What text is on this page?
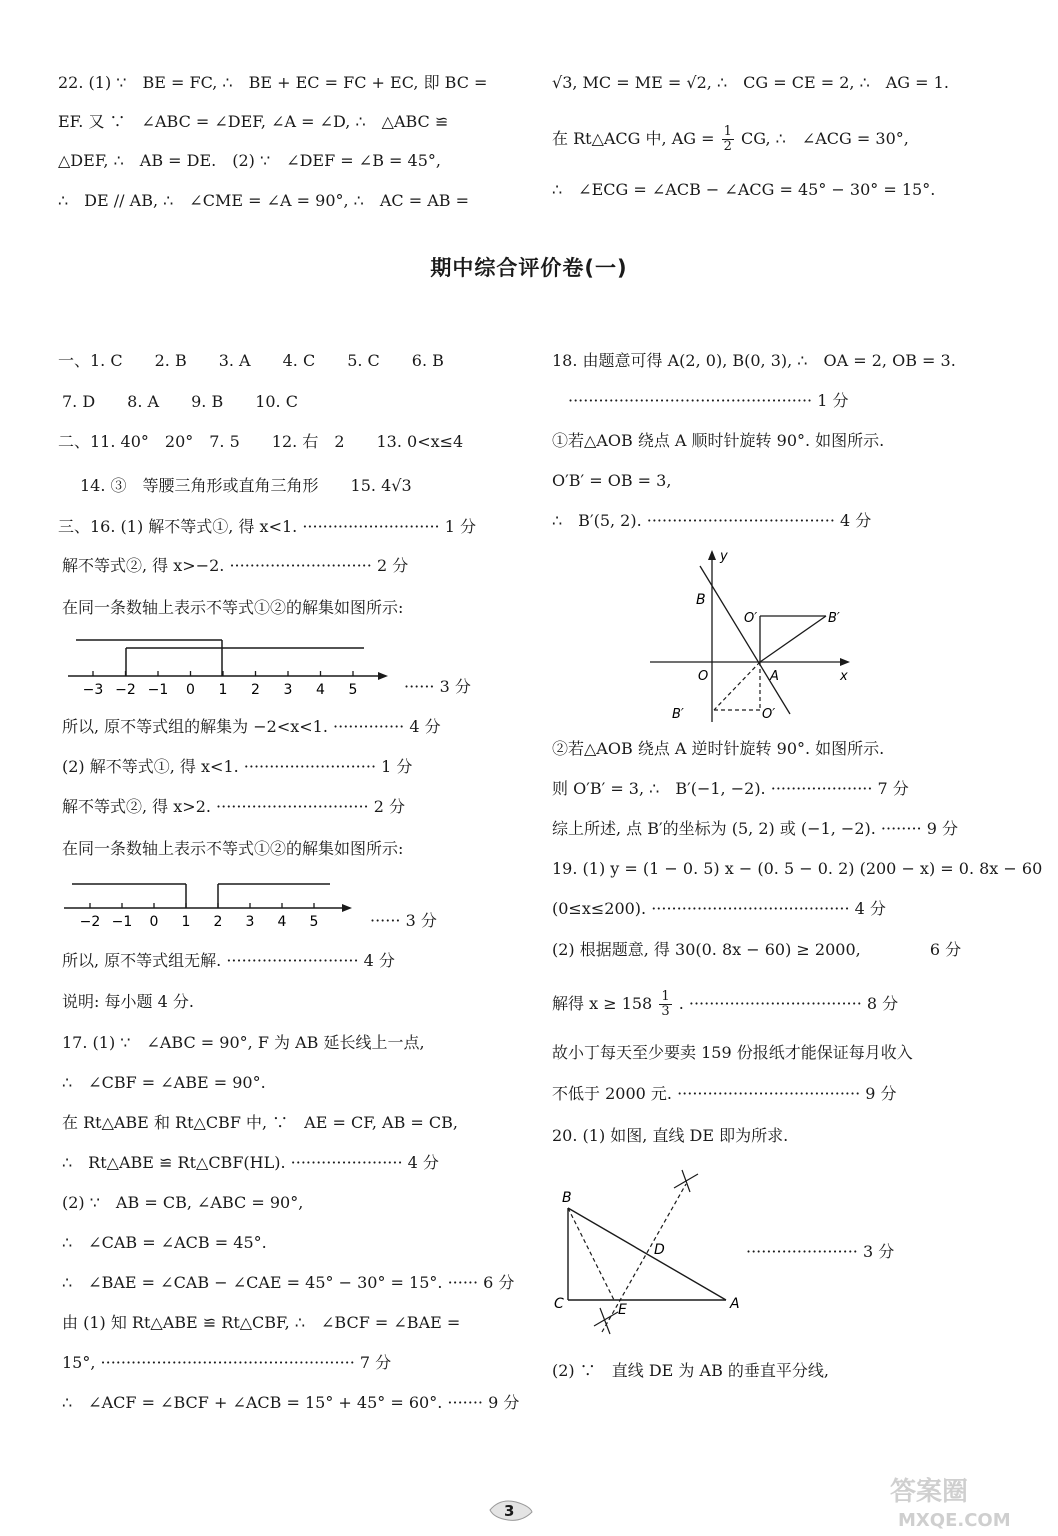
22. (1) ∵　BE = FC, ∴　BE + EC = FC + EC, 即 BC =
EF. 又 ∵　∠ABC = ∠DEF, ∠A = ∠D, ∴　△ABC ≌
△DEF, ∴　AB = DE.　(2) ∵　∠DEF = ∠B = 45°,
∴　DE // AB, ∴　∠CME = ∠A = 90°, ∴　AC = AB =
√3, MC = ME = √2, ∴　CG = CE = 2, ∴　AG = 1.
在 Rt△ACG 中, AG = $\frac{1}{2}$ CG, ∴　∠ACG = 30°,
∴　∠ECG = ∠ACB − ∠ACG = 45° − 30° = 15°.
期中综合评价卷(一)
一、1. C　　2. B　　3. A　　4. C　　5. C　　6. B
7. D　　8. A　　9. B　　10. C
二、11. 40°　20°　7. 5　　12. 右　2　　13. 0<x≤4
14. ③　等腰三角形或直角三角形　　15. 4√3
三、16. (1) 解不等式①, 得 x<1. ··························· 1 分
解不等式②, 得 x>−2. ···························· 2 分
在同一条数轴上表示不等式①②的解集如图所示:
−3 −2 −1 0 1 2 3 4 5	······ 3 分
所以, 原不等式组的解集为 −2<x<1. ·············· 4 分
(2) 解不等式①, 得 x<1. ·························· 1 分
解不等式②, 得 x>2. ······························ 2 分
在同一条数轴上表示不等式①②的解集如图所示:
−2 −1 0 1 2 3 4 5	······ 3 分
所以, 原不等式组无解. ·························· 4 分
说明: 每小题 4 分.
17. (1) ∵　∠ABC = 90°, F 为 AB 延长线上一点,
∴　∠CBF = ∠ABE = 90°.
在 Rt△ABE 和 Rt△CBF 中, ∵　AE = CF, AB = CB,
∴　Rt△ABE ≌ Rt△CBF(HL). ······················ 4 分
(2) ∵　AB = CB, ∠ABC = 90°,
∴　∠CAB = ∠ACB = 45°.
∴　∠BAE = ∠CAB − ∠CAE = 45° − 30° = 15°. ······ 6 分
由 (1) 知 Rt△ABE ≌ Rt△CBF, ∴　∠BCF = ∠BAE =
15°, ·················································· 7 分
∴　∠ACF = ∠BCF + ∠ACB = 15° + 45° = 60°. ······· 9 分
18. 由题意可得 A(2, 0), B(0, 3), ∴　OA = 2, OB = 3.
················································ 1 分
①若△AOB 绕点 A 顺时针旋转 90°. 如图所示.
O′B′ = OB = 3,
∴　B′(5, 2). ····································· 4 分
y
x
B
O′	B′
O	A
B′	O′
②若△AOB 绕点 A 逆时针旋转 90°. 如图所示.
则 O′B′ = 3, ∴　B′(−1, −2). ···················· 7 分
综上所述, 点 B′的坐标为 (5, 2) 或 (−1, −2). ········ 9 分
19. (1) y = (1 − 0. 5) x − (0. 5 − 0. 2) (200 − x) = 0. 8x − 60
(0≤x≤200). ······································· 4 分
(2) 根据题意, 得 30(0. 8x − 60) ≥ 2000,　　　　 6 分
解得 $x \ge 158 \frac{1}{3}$ . ·································· 8 分
故小丁每天至少要卖 159 份报纸才能保证每月收入
不低于 2000 元. ···································· 9 分
20. (1) 如图, 直线 DE 即为所求.
B
D
C	E	A
······················ 3 分
(2) ∵　直线 DE 为 AB 的垂直平分线,
3
答案圈
MXQE.COM
